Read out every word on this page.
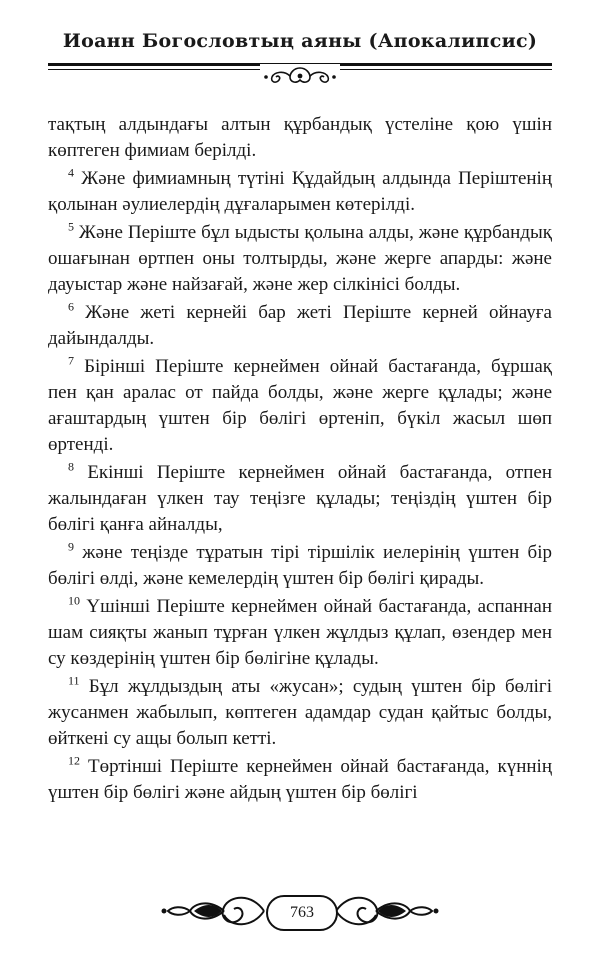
Иоанн Богословтың аяны (Апокалипсис)

тақтың алдындағы алтын құрбандық үстеліне қою үшін көптеген фимиам берілді.

$^4$ Және фимиамның түтіні Құдайдың алдында Періштенің қолынан әулиелердің дұғаларымен көтерілді.

$^5$ Және Періште бұл ыдысты қолына алды, және құрбандық ошағынан өртпен оны толтырды, және жерге апарды: және дауыстар және найзағай, және жер сілкінісі болды.

$^6$ Және жеті кернейі бар жеті Періште керней ойнауға дайындалды.

$^7$ Бірінші Періште кернеймен ойнай бастағанда, бұршақ пен қан аралас от пайда болды, және жерге құлады; және ағаштардың үштен бір бөлігі өртеніп, бүкіл жасыл шөп өртенді.

$^8$ Екінші Періште кернеймен ойнай бастағанда, отпен жалындаған үлкен тау теңізге құлады; теңіздің үштен бір бөлігі қанға айналды,

$^9$ және теңізде тұратын тірі тіршілік иелерінің үштен бір бөлігі өлді, және кемелердің үштен бір бөлігі қирады.

$^{10}$ Үшінші Періште кернеймен ойнай бастағанда, аспаннан шам сияқты жанып тұрған үлкен жұлдыз құлап, өзендер мен су көздерінің үштен бір бөлігіне құлады.

$^{11}$ Бұл жұлдыздың аты «жусан»; судың үштен бір бөлігі жусанмен жабылып, көптеген адамдар судан қайтыс болды, өйткені су ащы болып кетті.

$^{12}$ Төртінші Періште кернеймен ойнай бастағанда, күннің үштен бір бөлігі және айдың үштен бір бөлігі

763
